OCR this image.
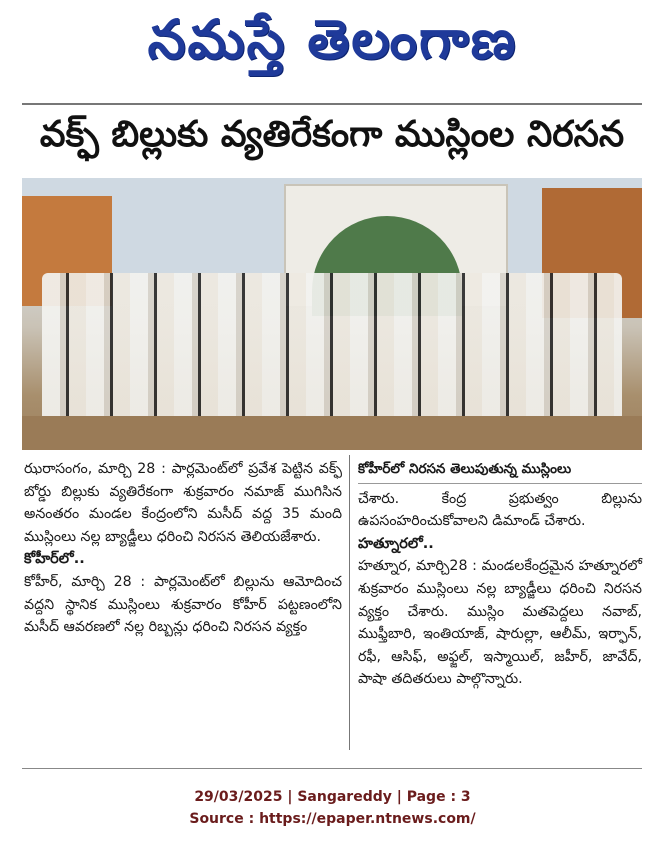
నమస్తే తెలంగాణ
వక్ఫ్ బిల్లుకు వ్యతిరేకంగా ముస్లింల నిరసన

ఝరాసంగం, మార్చి 28 : పార్లమెంట్‌లో ప్రవేశ పెట్టిన వక్ఫ్ బోర్డు బిల్లుకు వ్యతిరేకంగా శుక్రవారం నమాజ్ ముగిసిన అనంతరం మండల కేంద్రంలోని మసీద్ వద్ద 35 మంది ముస్లింలు నల్ల బ్యాడ్జీలు ధరించి నిరసన తెలియజేశారు.

కోహీర్‌లో..

కోహీర్, మార్చి 28 : పార్లమెంట్‌లో బిల్లును ఆమోదించ వద్దని స్థానిక ముస్లింలు శుక్రవారం కోహీర్ పట్టణంలోని మసీద్ ఆవరణలో నల్ల రిబ్బన్లు ధరించి నిరసన వ్యక్తం

కోహీర్‌లో నిరసన తెలుపుతున్న ముస్లింలు

చేశారు. కేంద్ర ప్రభుత్వం బిల్లును ఉపసంహరించుకోవాలని డిమాండ్ చేశారు.

హత్నూరలో..

హత్నూర, మార్చి28 : మండలకేంద్రమైన హత్నూరలో శుక్రవారం ముస్లింలు నల్ల బ్యాడ్జీలు ధరించి నిరసన వ్యక్తం చేశారు. ముస్లిం మతపెద్దలు నవాబ్, ముఫ్తీబారి, ఇంతియాజ్, షారుల్లా, ఆలీమ్, ఇర్ఫాన్, రఫీ, ఆసిఫ్, అఫ్జల్, ఇస్మాయిల్, జహీర్, జావేద్, పాషా తదితరులు పాల్గొన్నారు.

29/03/2025 | Sangareddy | Page : 3
Source : https://epaper.ntnews.com/
